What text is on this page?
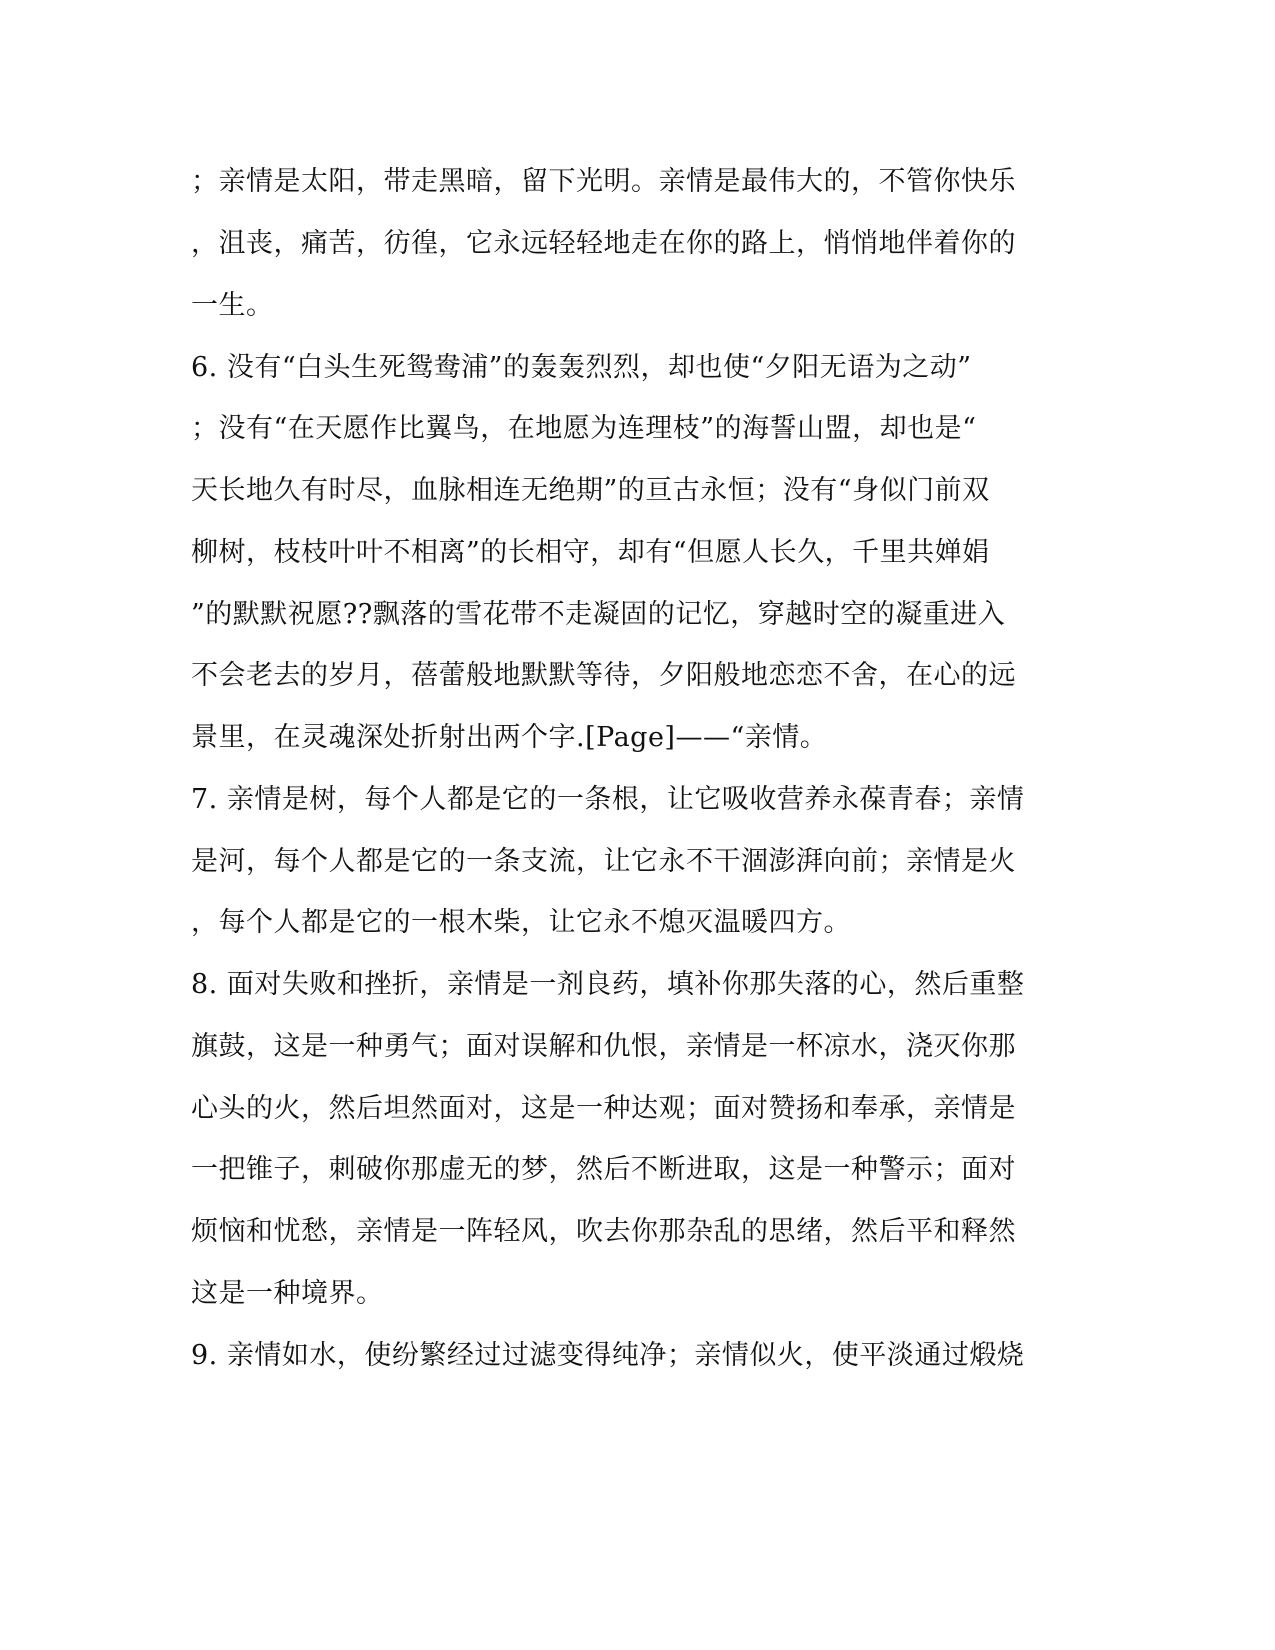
；亲情是太阳，带走黑暗，留下光明。亲情是最伟大的，不管你快乐
，沮丧，痛苦，彷徨，它永远轻轻地走在你的路上，悄悄地伴着你的
一生。
6. 没有“白头生死鸳鸯浦”的轰轰烈烈，却也使“夕阳无语为之动”
；没有“在天愿作比翼鸟，在地愿为连理枝”的海誓山盟，却也是“
天长地久有时尽，血脉相连无绝期”的亘古永恒；没有“身似门前双
柳树，枝枝叶叶不相离”的长相守，却有“但愿人长久，千里共婵娟
”的默默祝愿??飘落的雪花带不走凝固的记忆，穿越时空的凝重进入
不会老去的岁月，蓓蕾般地默默等待，夕阳般地恋恋不舍，在心的远
景里，在灵魂深处折射出两个字.[Page]——“亲情。
7. 亲情是树，每个人都是它的一条根，让它吸收营养永葆青春；亲情
是河，每个人都是它的一条支流，让它永不干涸澎湃向前；亲情是火
，每个人都是它的一根木柴，让它永不熄灭温暖四方。
8. 面对失败和挫折，亲情是一剂良药，填补你那失落的心，然后重整
旗鼓，这是一种勇气；面对误解和仇恨，亲情是一杯凉水，浇灭你那
心头的火，然后坦然面对，这是一种达观；面对赞扬和奉承，亲情是
一把锥子，刺破你那虚无的梦，然后不断进取，这是一种警示；面对
烦恼和忧愁，亲情是一阵轻风，吹去你那杂乱的思绪，然后平和释然
这是一种境界。
9. 亲情如水，使纷繁经过过滤变得纯净；亲情似火，使平淡通过煅烧
